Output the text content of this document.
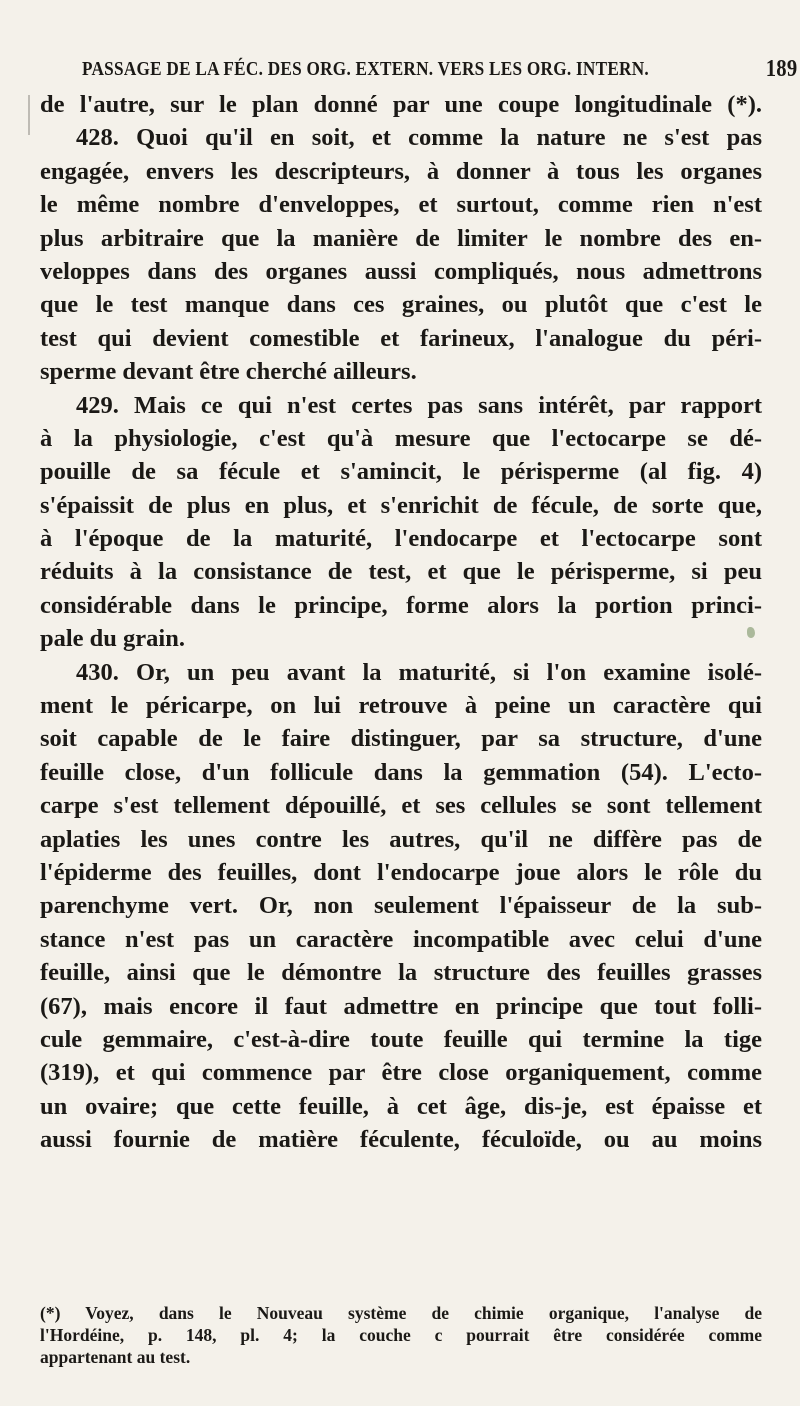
PASSAGE DE LA FÉC. DES ORG. EXTERN. VERS LES ORG. INTERN.	189
de l'autre, sur le plan donné par une coupe longitudinale (*).
428. Quoi qu'il en soit, et comme la nature ne s'est pas
engagée, envers les descripteurs, à donner à tous les organes
le même nombre d'enveloppes, et surtout, comme rien n'est
plus arbitraire que la manière de limiter le nombre des en-
veloppes dans des organes aussi compliqués, nous admettrons
que le test manque dans ces graines, ou plutôt que c'est le
test qui devient comestible et farineux, l'analogue du péri-
sperme devant être cherché ailleurs.
429. Mais ce qui n'est certes pas sans intérêt, par rapport
à la physiologie, c'est qu'à mesure que l'ectocarpe se dé-
pouille de sa fécule et s'amincit, le périsperme (al fig. 4)
s'épaissit de plus en plus, et s'enrichit de fécule, de sorte que,
à l'époque de la maturité, l'endocarpe et l'ectocarpe sont
réduits à la consistance de test, et que le périsperme, si peu
considérable dans le principe, forme alors la portion princi-
pale du grain.
430. Or, un peu avant la maturité, si l'on examine isolé-
ment le péricarpe, on lui retrouve à peine un caractère qui
soit capable de le faire distinguer, par sa structure, d'une
feuille close, d'un follicule dans la gemmation (54). L'ecto-
carpe s'est tellement dépouillé, et ses cellules se sont tellement
aplaties les unes contre les autres, qu'il ne diffère pas de
l'épiderme des feuilles, dont l'endocarpe joue alors le rôle du
parenchyme vert. Or, non seulement l'épaisseur de la sub-
stance n'est pas un caractère incompatible avec celui d'une
feuille, ainsi que le démontre la structure des feuilles grasses
(67), mais encore il faut admettre en principe que tout folli-
cule gemmaire, c'est-à-dire toute feuille qui termine la tige
(319), et qui commence par être close organiquement, comme
un ovaire; que cette feuille, à cet âge, dis-je, est épaisse et
aussi fournie de matière féculente, féculoïde, ou au moins
(*) Voyez, dans le Nouveau système de chimie organique, l'analyse de
l'Hordéine, p. 148, pl. 4; la couche c pourrait être considérée comme
appartenant au test.
